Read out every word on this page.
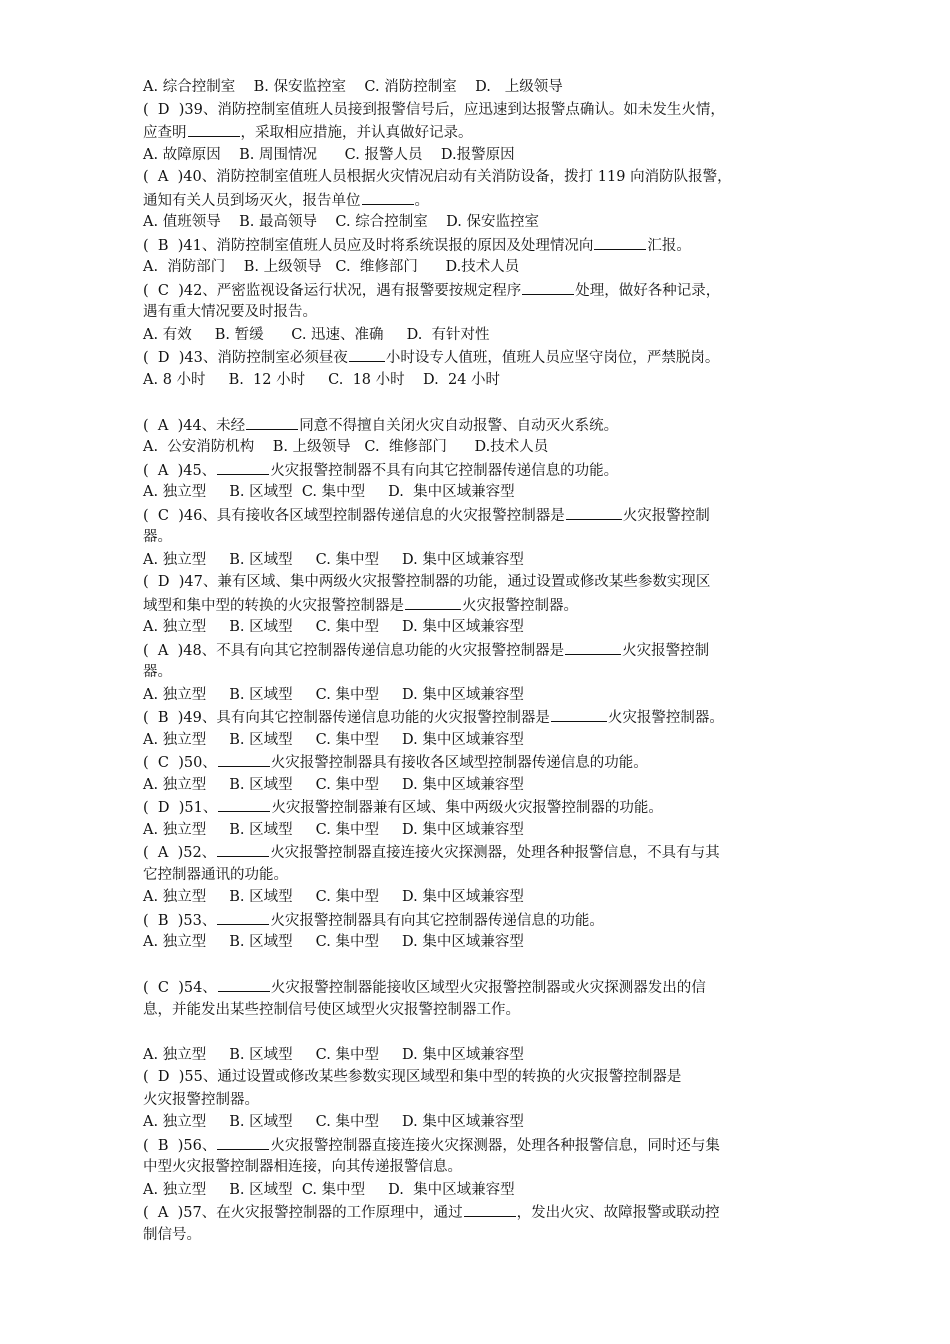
A. 综合控制室    B. 保安监控室    C. 消防控制室    D.   上级领导
(  D  )39、消防控制室值班人员接到报警信号后，应迅速到达报警点确认。如未发生火情，
应查明	，采取相应措施，并认真做好记录。
A. 故障原因    B. 周围情况      C. 报警人员    D.报警原因
(  A  )40、消防控制室值班人员根据火灾情况启动有关消防设备，拨打 119 向消防队报警，
通知有关人员到场灭火，报告单位	。
A. 值班领导    B. 最高领导    C. 综合控制室    D. 保安监控室
(  B  )41、消防控制室值班人员应及时将系统误报的原因及处理情况向	汇报。
A.  消防部门    B. 上级领导   C.  维修部门      D.技术人员
(  C  )42、严密监视设备运行状况，遇有报警要按规定程序	处理，做好各种记录，
遇有重大情况要及时报告。
A. 有效     B. 暂缓      C. 迅速、准确     D.  有针对性
(  D  )43、消防控制室必须昼夜	小时设专人值班，值班人员应坚守岗位，严禁脱岗。
A. 8 小时     B.  12 小时     C.  18 小时    D.  24 小时
(  A  )44、未经	同意不得擅自关闭火灾自动报警、自动灭火系统。
A.  公安消防机构    B. 上级领导   C.  维修部门      D.技术人员
(  A  )45、	火灾报警控制器不具有向其它控制器传递信息的功能。
A. 独立型     B. 区域型  C. 集中型     D.  集中区域兼容型
(  C  )46、具有接收各区域型控制器传递信息的火灾报警控制器是	火灾报警控制
器。
A. 独立型     B. 区域型     C. 集中型     D. 集中区域兼容型
(  D  )47、兼有区域、集中两级火灾报警控制器的功能，通过设置或修改某些参数实现区
域型和集中型的转换的火灾报警控制器是	火灾报警控制器。
A. 独立型     B. 区域型     C. 集中型     D. 集中区域兼容型
(  A  )48、不具有向其它控制器传递信息功能的火灾报警控制器是	火灾报警控制
器。
A. 独立型     B. 区域型     C. 集中型     D. 集中区域兼容型
(  B  )49、具有向其它控制器传递信息功能的火灾报警控制器是	火灾报警控制器。
A. 独立型     B. 区域型     C. 集中型     D. 集中区域兼容型
(  C  )50、	火灾报警控制器具有接收各区域型控制器传递信息的功能。
A. 独立型     B. 区域型     C. 集中型     D. 集中区域兼容型
(  D  )51、	火灾报警控制器兼有区域、集中两级火灾报警控制器的功能。
A. 独立型     B. 区域型     C. 集中型     D. 集中区域兼容型
(  A  )52、	火灾报警控制器直接连接火灾探测器，处理各种报警信息，不具有与其
它控制器通讯的功能。
A. 独立型     B. 区域型     C. 集中型     D. 集中区域兼容型
(  B  )53、	火灾报警控制器具有向其它控制器传递信息的功能。
A. 独立型     B. 区域型     C. 集中型     D. 集中区域兼容型
(  C  )54、	火灾报警控制器能接收区域型火灾报警控制器或火灾探测器发出的信
息，并能发出某些控制信号使区域型火灾报警控制器工作。
A. 独立型     B. 区域型     C. 集中型     D. 集中区域兼容型
(  D  )55、通过设置或修改某些参数实现区域型和集中型的转换的火灾报警控制器是
火灾报警控制器。
A. 独立型     B. 区域型     C. 集中型     D. 集中区域兼容型
(  B  )56、	火灾报警控制器直接连接火灾探测器，处理各种报警信息，同时还与集
中型火灾报警控制器相连接，向其传递报警信息。
A. 独立型     B. 区域型  C. 集中型     D.  集中区域兼容型
(  A  )57、在火灾报警控制器的工作原理中，通过	，发出火灾、故障报警或联动控
制信号。
